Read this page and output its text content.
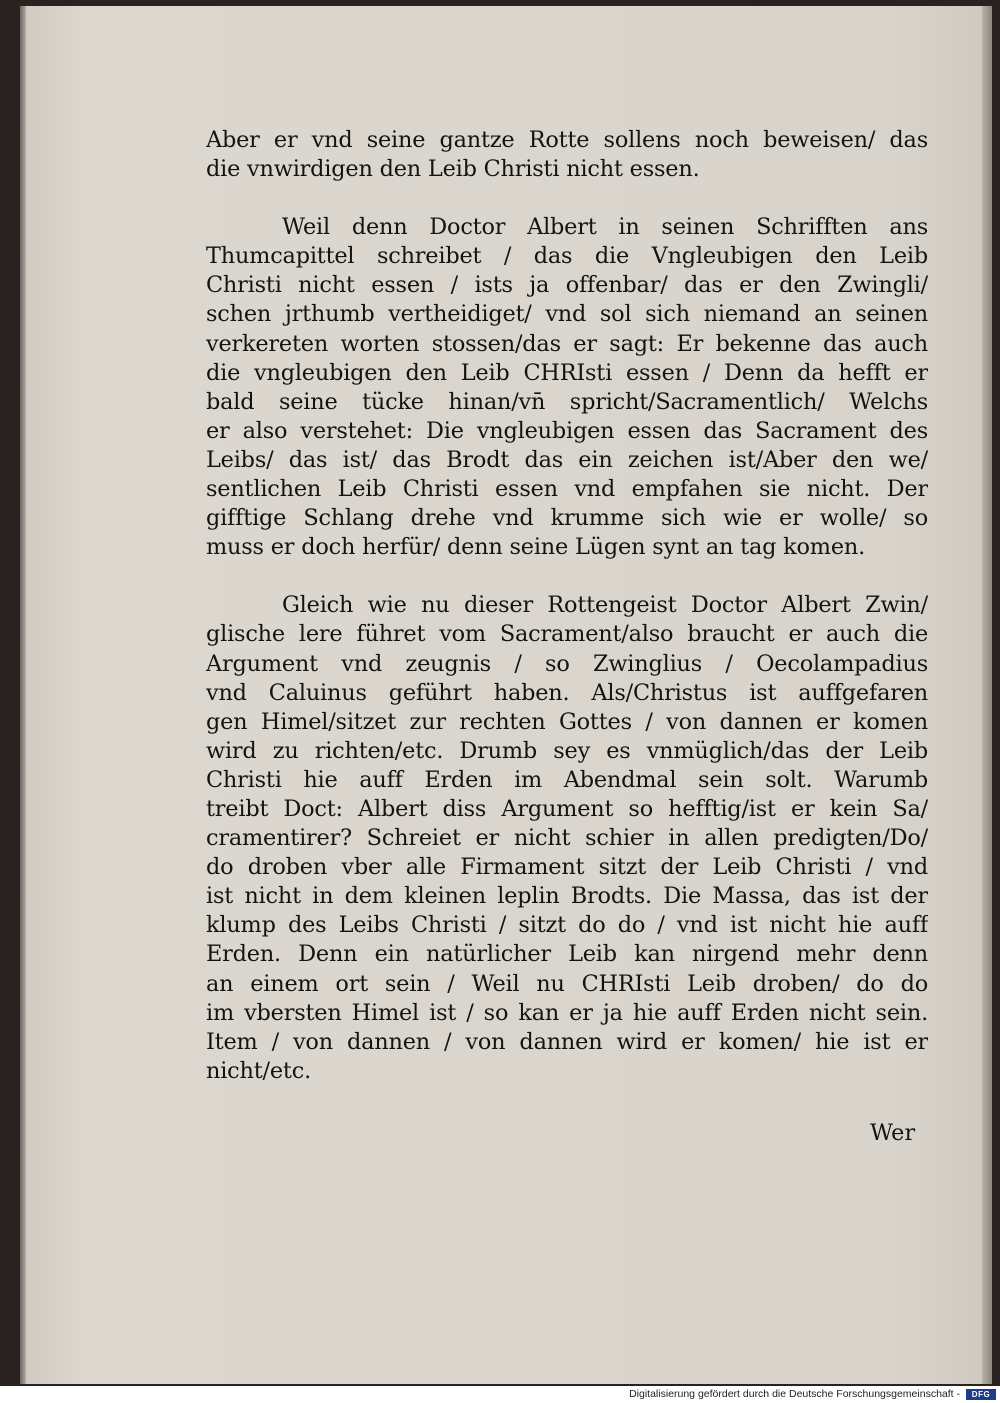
Aber er vnd seine gantze Rotte sollens noch beweisen/ das
die vnwirdigen den Leib Christi nicht essen.
Weil denn Doctor Albert in seinen Schrifften ans
Thumcapittel schreibet / das die Vngleubigen den Leib
Christi nicht essen / ists ja offenbar/ das er den Zwingli/
schen jrthumb vertheidiget/ vnd sol sich niemand an seinen
verkereten worten stossen/das er sagt: Er bekenne das auch
die vngleubigen den Leib CHRIsti essen / Denn da hefft er
bald seine tücke hinan/vn̄ spricht/Sacramentlich/ Welchs
er also verstehet: Die vngleubigen essen das Sacrament des
Leibs/ das ist/ das Brodt das ein zeichen ist/Aber den we/
sentlichen Leib Christi essen vnd empfahen sie nicht. Der
gifftige Schlang drehe vnd krumme sich wie er wolle/ so
muss er doch herfür/ denn seine Lügen synt an tag komen.
Gleich wie nu dieser Rottengeist Doctor Albert Zwin/
glische lere führet vom Sacrament/also braucht er auch die
Argument vnd zeugnis / so Zwinglius / Oecolampadius
vnd Caluinus geführt haben. Als/Christus ist auffgefaren
gen Himel/sitzet zur rechten Gottes / von dannen er komen
wird zu richten/etc. Drumb sey es vnmüglich/das der Leib
Christi hie auff Erden im Abendmal sein solt. Warumb
treibt Doct: Albert diss Argument so hefftig/ist er kein Sa/
cramentirer? Schreiet er nicht schier in allen predigten/Do/
do droben vber alle Firmament sitzt der Leib Christi / vnd
ist nicht in dem kleinen leplin Brodts. Die Massa, das ist der
klump des Leibs Christi / sitzt do do / vnd ist nicht hie auff
Erden. Denn ein natürlicher Leib kan nirgend mehr denn
an einem ort sein / Weil nu CHRIsti Leib droben/ do do
im vbersten Himel ist / so kan er ja hie auff Erden nicht sein.
Item / von dannen / von dannen wird er komen/ hie ist er
nicht/etc.
Wer
Digitalisierung gefördert durch die Deutsche Forschungsgemeinschaft -	DFG
